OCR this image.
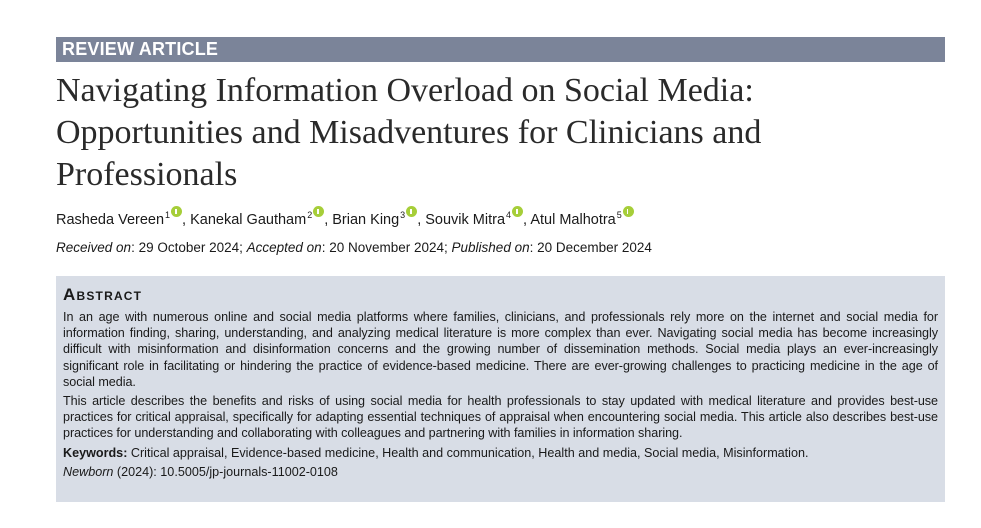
REVIEW ARTICLE
Navigating Information Overload on Social Media:
Opportunities and Misadventures for Clinicians and
Professionals
Rasheda Vereen$^1$ , Kanekal Gautham$^2$ , Brian King$^3$ , Souvik Mitra$^4$ , Atul Malhotra$^5$
Received on: 29 October 2024; Accepted on: 20 November 2024; Published on: 20 December 2024
Abstract

In an age with numerous online and social media platforms where families, clinicians, and professionals rely more on the internet and social media for information finding, sharing, understanding, and analyzing medical literature is more complex than ever. Navigating social media has become increasingly difficult with misinformation and disinformation concerns and the growing number of dissemination methods. Social media plays an ever-increasingly significant role in facilitating or hindering the practice of evidence-based medicine. There are ever-growing challenges to practicing medicine in the age of social media.

This article describes the benefits and risks of using social media for health professionals to stay updated with medical literature and provides best-use practices for critical appraisal, specifically for adapting essential techniques of appraisal when encountering social media. This article also describes best-use practices for understanding and collaborating with colleagues and partnering with families in information sharing.

Keywords: Critical appraisal, Evidence-based medicine, Health and communication, Health and media, Social media, Misinformation.
Newborn (2024): 10.5005/jp-journals-11002-0108
